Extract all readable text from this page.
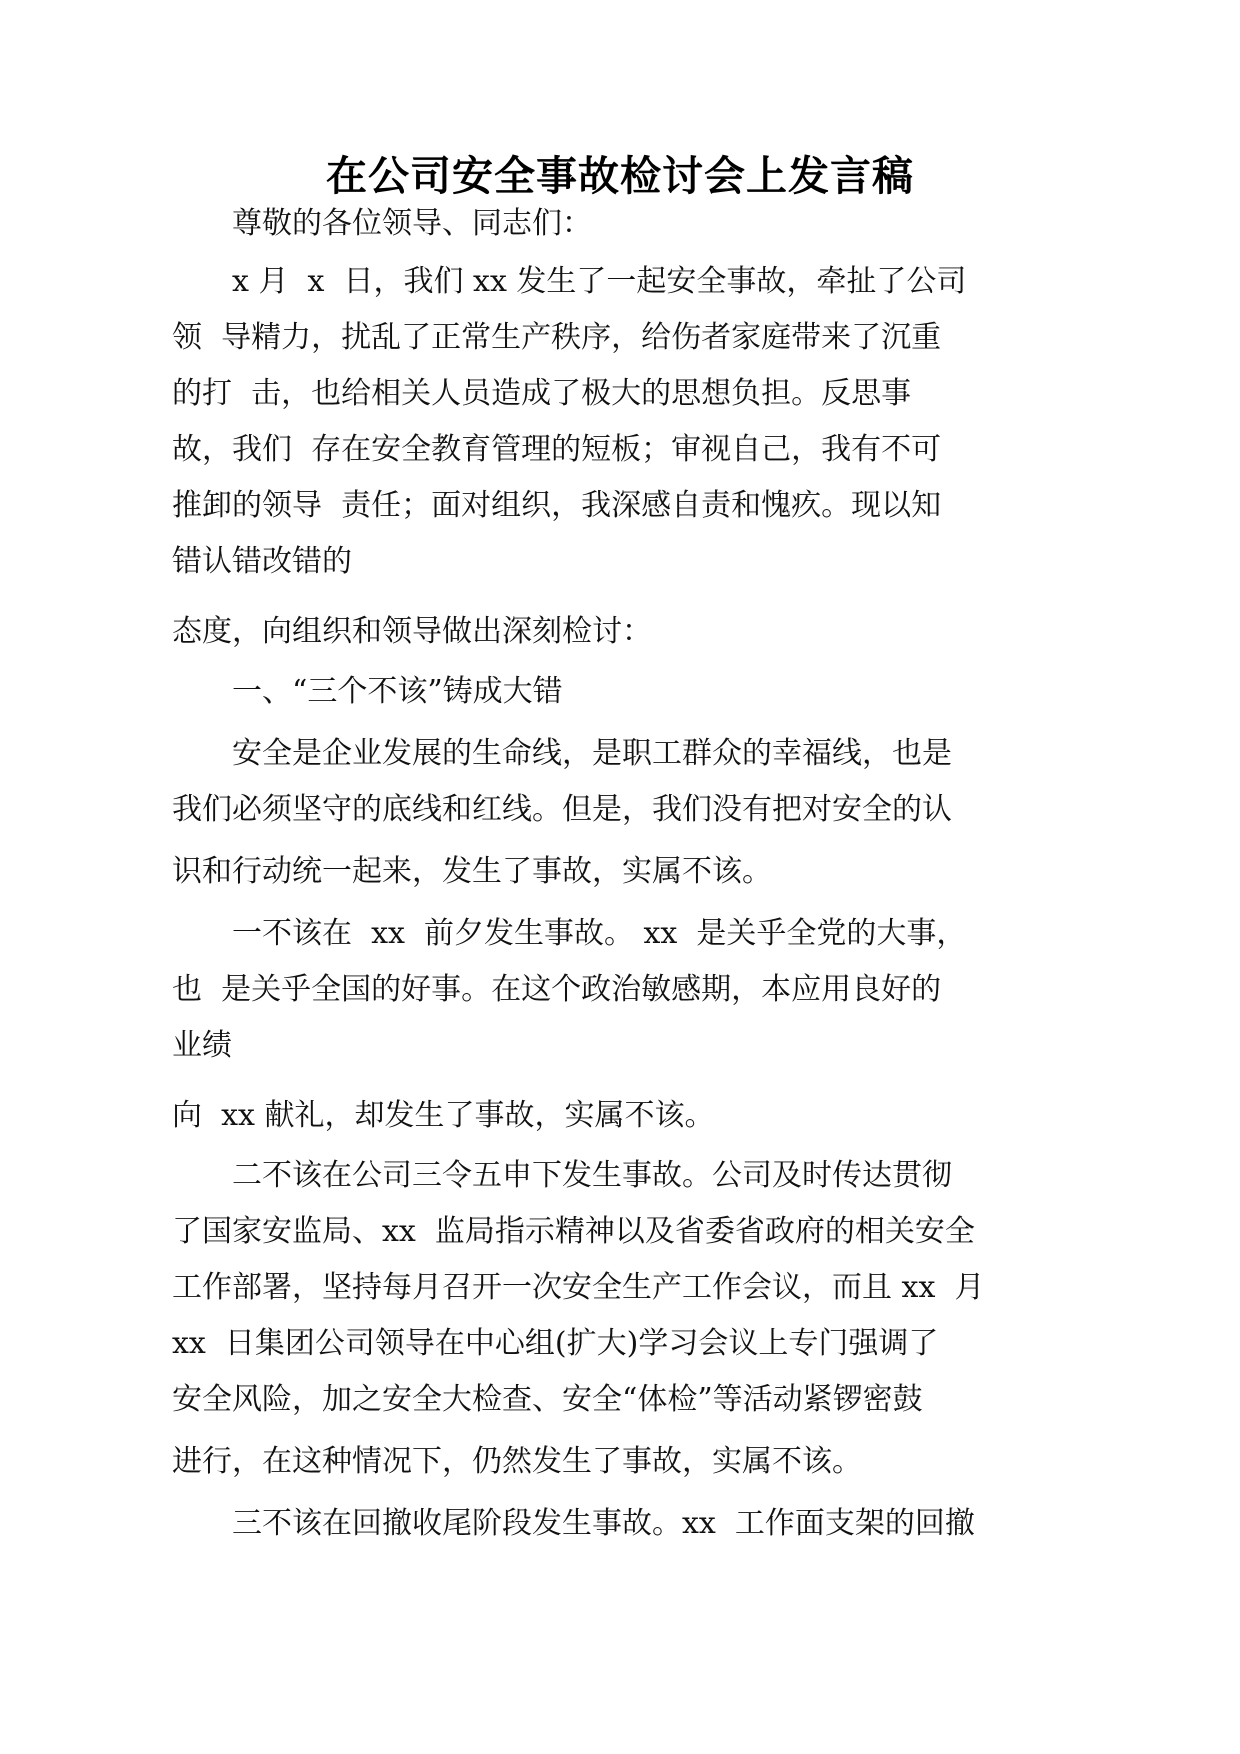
在公司安全事故检讨会上发言稿
尊敬的各位领导、同志们：
x 月  x  日，我们 xx 发生了一起安全事故，牵扯了公司
领  导精力，扰乱了正常生产秩序，给伤者家庭带来了沉重
的打  击，也给相关人员造成了极大的思想负担。反思事
故，我们  存在安全教育管理的短板；审视自己，我有不可
推卸的领导  责任；面对组织，我深感自责和愧疚。现以知
错认错改错的
态度，向组织和领导做出深刻检讨：
一、“三个不该”铸成大错
安全是企业发展的生命线，是职工群众的幸福线，也是
我们必须坚守的底线和红线。但是，我们没有把对安全的认
识和行动统一起来，发生了事故，实属不该。
一不该在  xx  前夕发生事故。 xx  是关乎全党的大事，
也  是关乎全国的好事。在这个政治敏感期，本应用良好的
业绩
向  xx 献礼，却发生了事故，实属不该。
二不该在公司三令五申下发生事故。公司及时传达贯彻
了国家安监局、xx  监局指示精神以及省委省政府的相关安全
工作部署，坚持每月召开一次安全生产工作会议，而且 xx  月
xx  日集团公司领导在中心组(扩大)学习会议上专门强调了
安全风险，加之安全大检查、安全“体检”等活动紧锣密鼓
进行，在这种情况下，仍然发生了事故，实属不该。
三不该在回撤收尾阶段发生事故。xx  工作面支架的回撤
